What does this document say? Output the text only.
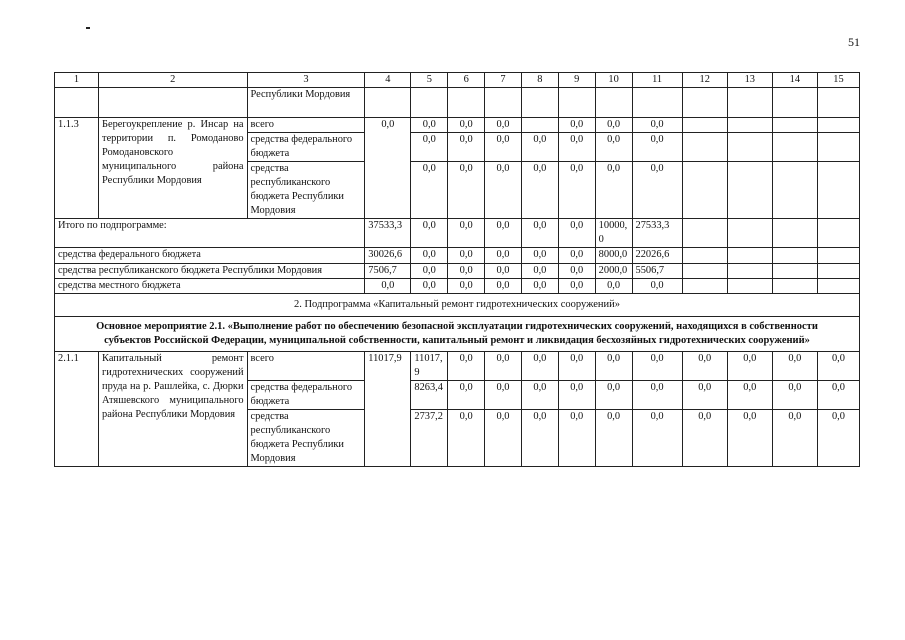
51
1	2	3	4	5	6	7	8	9	10	11	12	13	14	15
		Республики Мордовия												
1.1.3	Берегоукрепление р. Инсар на территории п. Ромоданово Ромодановского муниципального района Республики Мордовия	всего	0,0	0,0	0,0	0,0		0,0	0,0	0,0				
		средства федерального бюджета		0,0	0,0	0,0	0,0	0,0	0,0	0,0				
		средства республиканского бюджета Республики Мордовия		0,0	0,0	0,0	0,0	0,0	0,0	0,0				
Итого по подпрограмме:			37533,3	0,0	0,0	0,0	0,0	0,0	10000,0	27533,3				
средства федерального бюджета			30026,6	0,0	0,0	0,0	0,0	0,0	8000,0	22026,6				
средства республиканского бюджета Республики Мордовия			7506,7	0,0	0,0	0,0	0,0	0,0	2000,0	5506,7				
средства местного бюджета			0,0	0,0	0,0	0,0	0,0	0,0	0,0	0,0				
2. Подпрограмма «Капитальный ремонт гидротехнических сооружений»														
Основное мероприятие 2.1. «Выполнение работ по обеспечению безопасной эксплуатации гидротехнических сооружений, находящихся в собственности субъектов Российской Федерации, муниципальной собственности, капитальный ремонт и ликвидация бесхозяйных гидротехнических сооружений»														
2.1.1	Капитальный ремонт гидротехнических сооружений пруда на р. Рашлейка, с. Дюрки Атяшевского муниципального района Республики Мордовия	всего	11017,9	11017,9	0,0	0,0	0,0	0,0	0,0	0,0	0,0	0,0	0,0	0,0
		средства федерального бюджета		8263,4	0,0	0,0	0,0	0,0	0,0	0,0	0,0	0,0	0,0	0,0
		средства республиканского бюджета Республики Мордовия		2737,2	0,0	0,0	0,0	0,0	0,0	0,0	0,0	0,0	0,0	0,0
